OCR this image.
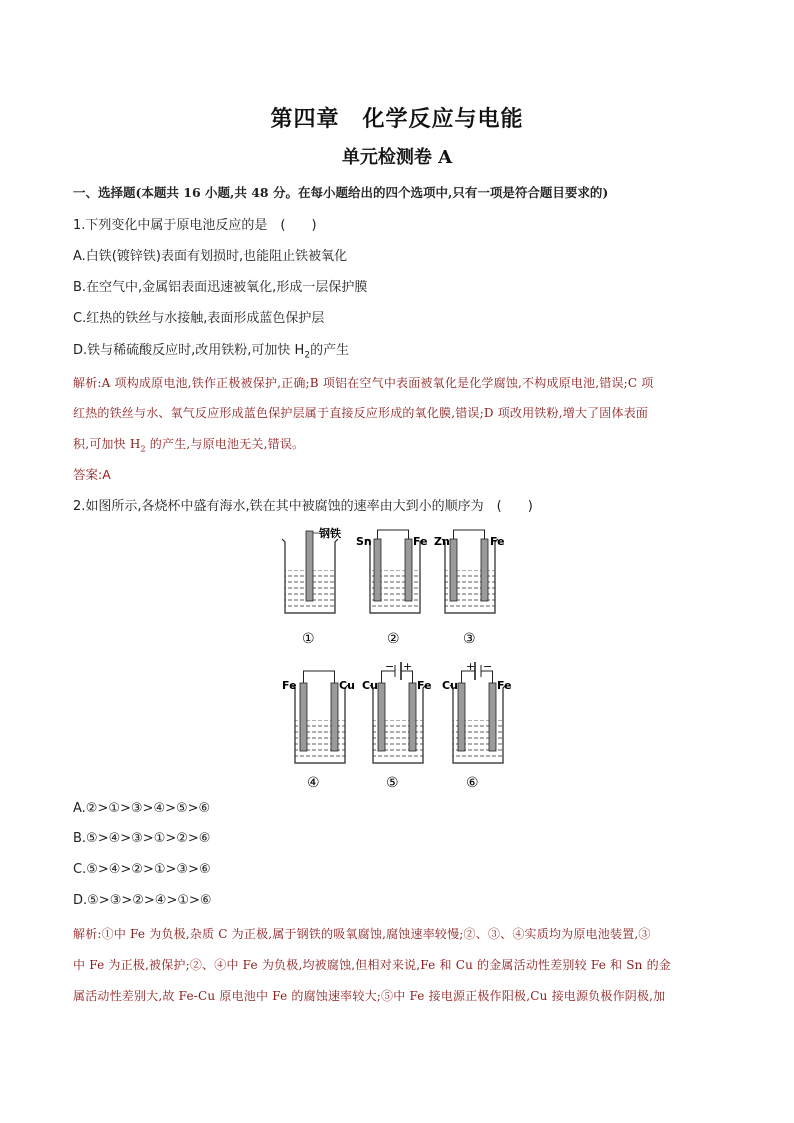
第四章　化学反应与电能
单元检测卷 A
一、选择题(本题共 16 小题,共 48 分。在每小题给出的四个选项中,只有一项是符合题目要求的)
1.下列变化中属于原电池反应的是　(　　)
A.白铁(镀锌铁)表面有划损时,也能阻止铁被氧化
B.在空气中,金属铝表面迅速被氧化,形成一层保护膜
C.红热的铁丝与水接触,表面形成蓝色保护层
D.铁与稀硫酸反应时,改用铁粉,可加快 $H_2$的产生
解析:A 项构成原电池,铁作正极被保护,正确;B 项铝在空气中表面被氧化是化学腐蚀,不构成原电池,错误;C 项
红热的铁丝与水、氧气反应形成蓝色保护层属于直接反应形成的氧化膜,错误;D 项改用铁粉,增大了固体表面
积,可加快 $H_2$ 的产生,与原电池无关,错误。
答案:A
2.如图所示,各烧杯中盛有海水,铁在其中被腐蚀的速率由大到小的顺序为　(　　)
钢铁
①
Sn	Fe
②
Zn	Fe
③
Fe	Cu
④
− +
Cu	Fe
⑤
+ −
Cu	Fe
⑥
A.②>①>③>④>⑤>⑥
B.⑤>④>③>①>②>⑥
C.⑤>④>②>①>③>⑥
D.⑤>③>②>④>①>⑥
解析:①中 Fe 为负极,杂质 C 为正极,属于钢铁的吸氧腐蚀,腐蚀速率较慢;②、③、④实质均为原电池装置,③
中 Fe 为正极,被保护;②、④中 Fe 为负极,均被腐蚀,但相对来说,Fe 和 Cu 的金属活动性差别较 Fe 和 Sn 的金
属活动性差别大,故 Fe-Cu 原电池中 Fe 的腐蚀速率较大;⑤中 Fe 接电源正极作阳极,Cu 接电源负极作阴极,加
